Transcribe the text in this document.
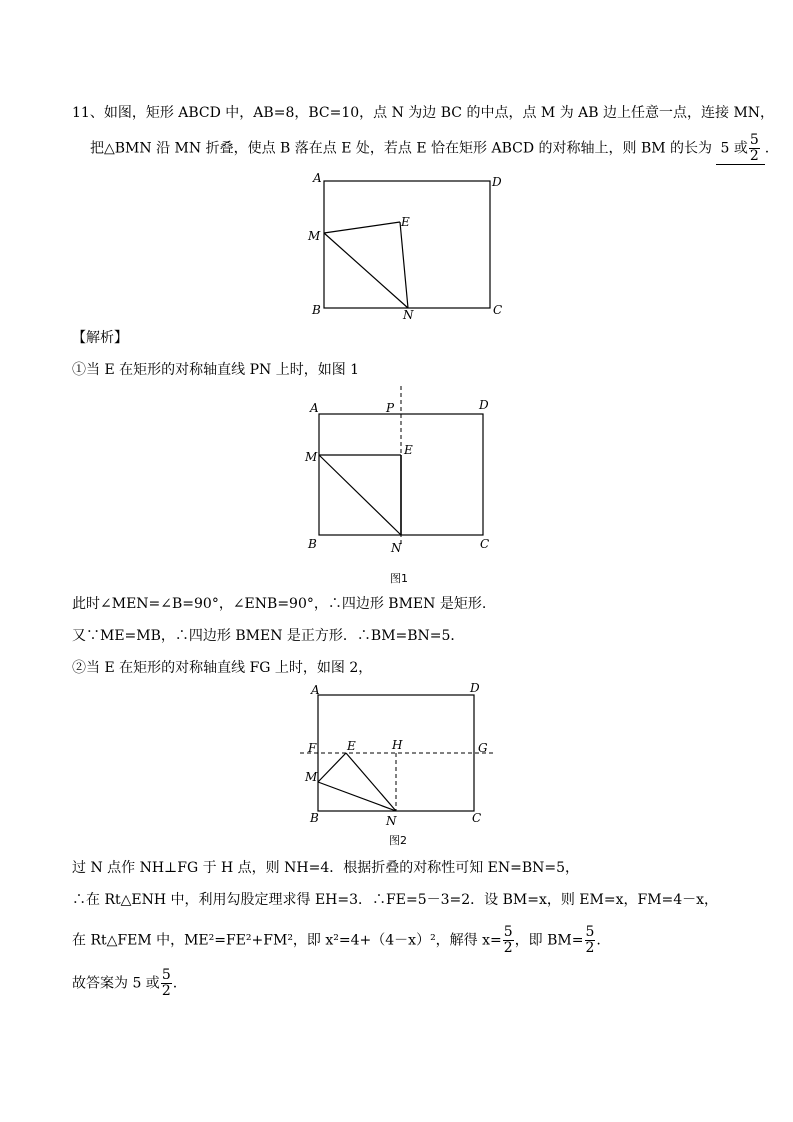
11、如图，矩形 ABCD 中，AB=8，BC=10，点 N 为边 BC 的中点，点 M 为 AB 边上任意一点，连接 MN，
把△BMN 沿 MN 折叠，使点 B 落在点 E 处，若点 E 恰在矩形 ABCD 的对称轴上，则 BM 的长为 5 或 $\frac{5}{2}$ .
A	D
M
E
B	N	C
【解析】
①当 E 在矩形的对称轴直线 PN 上时，如图 1
A	P	D
M	E
B	N	C
图1
此时∠MEN=∠B=90°，∠ENB=90°，∴四边形 BMEN 是矩形.
又∵ME=MB，∴四边形 BMEN 是正方形．∴BM=BN=5．
②当 E 在矩形的对称轴直线 FG 上时，如图 2，
A	D
F	E	H	G
M
B	N	C
图2
过 N 点作 NH⊥FG 于 H 点，则 NH=4．根据折叠的对称性可知 EN=BN=5，
∴在 Rt△ENH 中，利用勾股定理求得 EH=3．∴FE=5－3=2．设 BM=x，则 EM=x，FM=4－x，
在 Rt△FEM 中，ME²=FE²+FM²，即 x²=4+（4－x）²，解得 $x= \frac{5}{2}$ ，即 $BM= \frac{5}{2}$ .
故答案为 5 或 $\frac{5}{2}$ .
